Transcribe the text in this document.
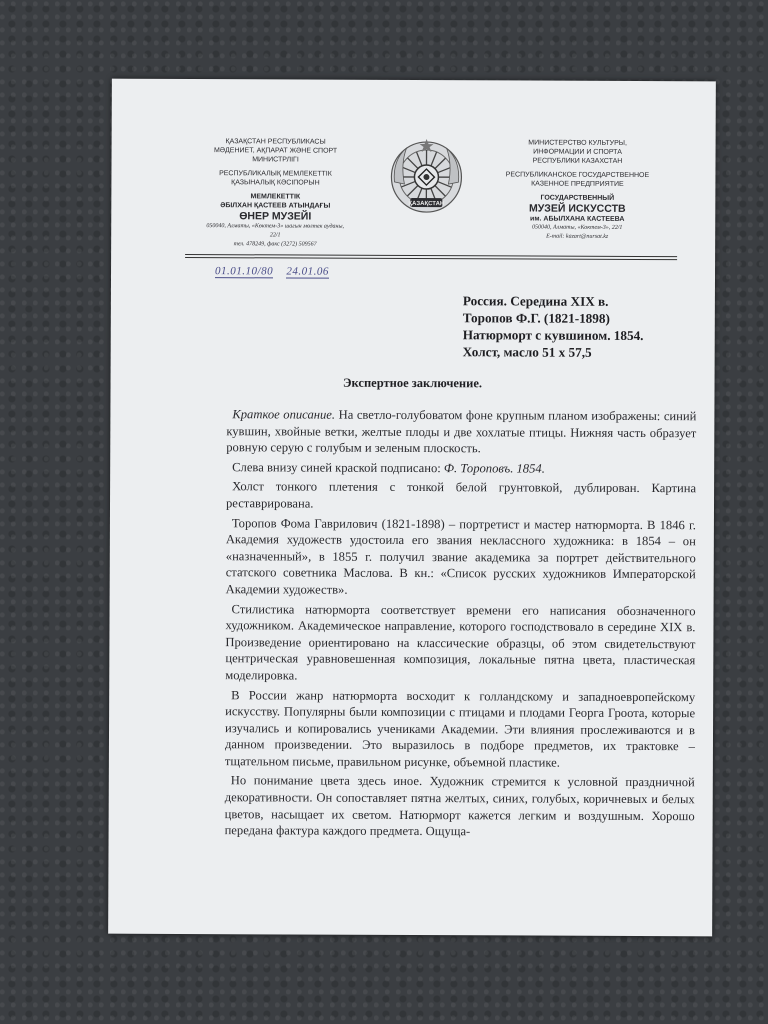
ҚАЗАҚСТАН РЕСПУБЛИКАСЫ
МӘДЕНИЕТ, АҚПАРАТ ЖӘНЕ СПОРТ
МИНИСТРЛІГІ
РЕСПУБЛИКАЛЫҚ МЕМЛЕКЕТТІК
ҚАЗЫНАЛЫҚ КӘСІПОРЫН
МЕМЛЕКЕТТІК
ӘБІЛХАН ҚАСТЕЕВ АТЫНДАҒЫ
ӨНЕР МУЗЕЙІ
050040, Алматы, «Көктем-3» шағын мөлтек ауданы,
22/1
тел. 478249, факс (3272) 509567
ҚАЗАҚСТАН
МИНИСТЕРСТВО КУЛЬТУРЫ,
ИНФОРМАЦИИ И СПОРТА
РЕСПУБЛИКИ КАЗАХСТАН
РЕСПУБЛИКАНСКОЕ ГОСУДАРСТВЕННОЕ
КАЗЕННОЕ ПРЕДПРИЯТИЕ
ГОСУДАРСТВЕННЫЙ
МУЗЕЙ ИСКУССТВ
им. АБЫЛХАНА КАСТЕЕВА
050040, Алматы, «Коктем-3», 22/1
E-mail: kazart@nursat.kz
01.01.10/80 24.01.06
Россия. Середина XIX в.
Торопов Ф.Г. (1821-1898)
Натюрморт с кувшином. 1854.
Холст, масло 51 х 57,5
Экспертное заключение.

Краткое описание. На светло-голубоватом фоне крупным планом изображены: синий кувшин, хвойные ветки, желтые плоды и две хохлатые птицы. Нижняя часть образует ровную серую с голубым и зеленым плоскость.

Слева внизу синей краской подписано: Ф. Тороповъ. 1854.

Холст тонкого плетения с тонкой белой грунтовкой, дублирован. Картина реставрирована.

Торопов Фома Гаврилович (1821-1898) – портретист и мастер натюрморта. В 1846 г. Академия художеств удостоила его звания неклассного художника: в 1854 – он «назначенный», в 1855 г. получил звание академика за портрет действительного статского советника Маслова. В кн.: «Список русских художников Императорской Академии художеств».

Стилистика натюрморта соответствует времени его написания обозначенного художником. Академическое направление, которого господствовало в середине XIX в. Произведение ориентировано на классические образцы, об этом свидетельствуют центрическая уравновешенная композиция, локальные пятна цвета, пластическая моделировка.

В России жанр натюрморта восходит к голландскому и западноевропейскому искусству. Популярны были композиции с птицами и плодами Георга Гроота, которые изучались и копировались учениками Академии. Эти влияния прослеживаются и в данном произведении. Это выразилось в подборе предметов, их трактовке – тщательном письме, правильном рисунке, объемной пластике.

Но понимание цвета здесь иное. Художник стремится к условной праздничной декоративности. Он сопоставляет пятна желтых, синих, голубых, коричневых и белых цветов, насыщает их светом. Натюрморт кажется легким и воздушным. Хорошо передана фактура каждого предмета. Ощуща-
